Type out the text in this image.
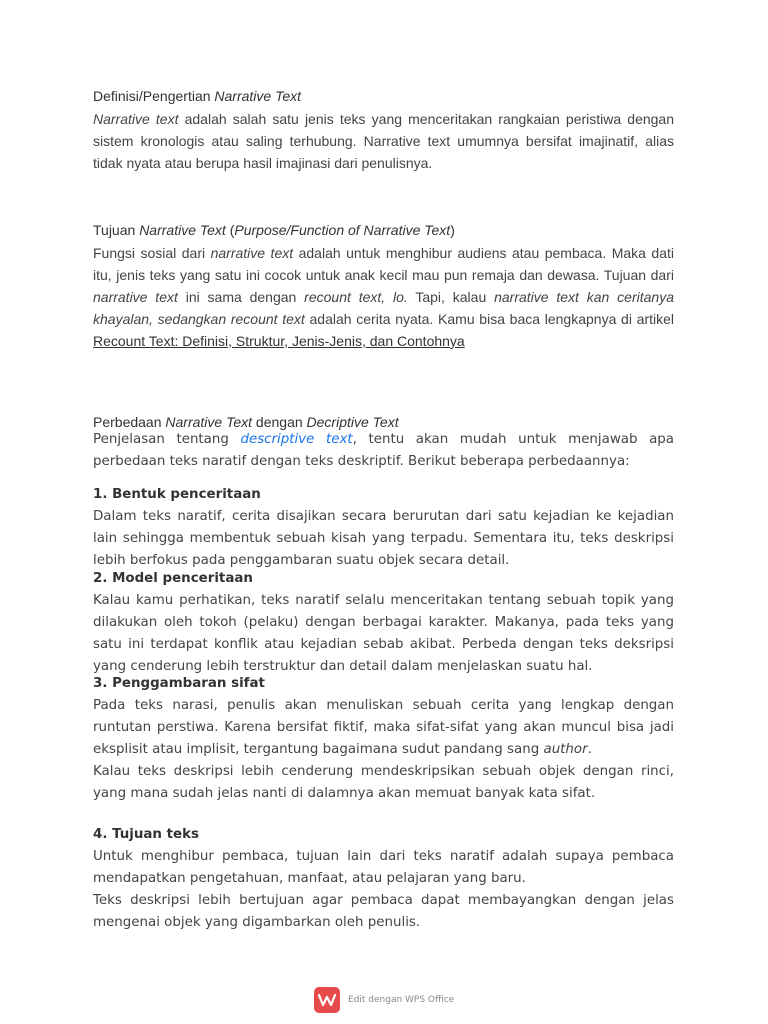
Definisi/Pengertian Narrative Text
Narrative text adalah salah satu jenis teks yang menceritakan rangkaian peristiwa dengan sistem kronologis atau saling terhubung. Narrative text umumnya bersifat imajinatif, alias tidak nyata atau berupa hasil imajinasi dari penulisnya.
Tujuan Narrative Text (Purpose/Function of Narrative Text)
Fungsi sosial dari narrative text adalah untuk menghibur audiens atau pembaca. Maka dati itu, jenis teks yang satu ini cocok untuk anak kecil mau pun remaja dan dewasa. Tujuan dari narrative text ini sama dengan recount text, lo. Tapi, kalau narrative text kan ceritanya khayalan, sedangkan recount text adalah cerita nyata. Kamu bisa baca lengkapnya di artikel Recount Text: Definisi, Struktur, Jenis-Jenis, dan Contohnya
Perbedaan Narrative Text dengan Decriptive Text
Penjelasan tentang descriptive text, tentu akan mudah untuk menjawab apa perbedaan teks naratif dengan teks deskriptif. Berikut beberapa perbedaannya:
1. Bentuk penceritaan
Dalam teks naratif, cerita disajikan secara berurutan dari satu kejadian ke kejadian lain sehingga membentuk sebuah kisah yang terpadu. Sementara itu, teks deskripsi lebih berfokus pada penggambaran suatu objek secara detail.
2. Model penceritaan
Kalau kamu perhatikan, teks naratif selalu menceritakan tentang sebuah topik yang dilakukan oleh tokoh (pelaku) dengan berbagai karakter. Makanya, pada teks yang satu ini terdapat konflik atau kejadian sebab akibat. Perbeda dengan teks deksripsi yang cenderung lebih terstruktur dan detail dalam menjelaskan suatu hal.
3. Penggambaran sifat
Pada teks narasi, penulis akan menuliskan sebuah cerita yang lengkap dengan runtutan perstiwa. Karena bersifat fiktif, maka sifat-sifat yang akan muncul bisa jadi eksplisit atau implisit, tergantung bagaimana sudut pandang sang author.
Kalau teks deskripsi lebih cenderung mendeskripsikan sebuah objek dengan rinci, yang mana sudah jelas nanti di dalamnya akan memuat banyak kata sifat.
4. Tujuan teks
Untuk menghibur pembaca, tujuan lain dari teks naratif adalah supaya pembaca mendapatkan pengetahuan, manfaat, atau pelajaran yang baru.
Teks deskripsi lebih bertujuan agar pembaca dapat membayangkan dengan jelas mengenai objek yang digambarkan oleh penulis.
Edit dengan WPS Office
